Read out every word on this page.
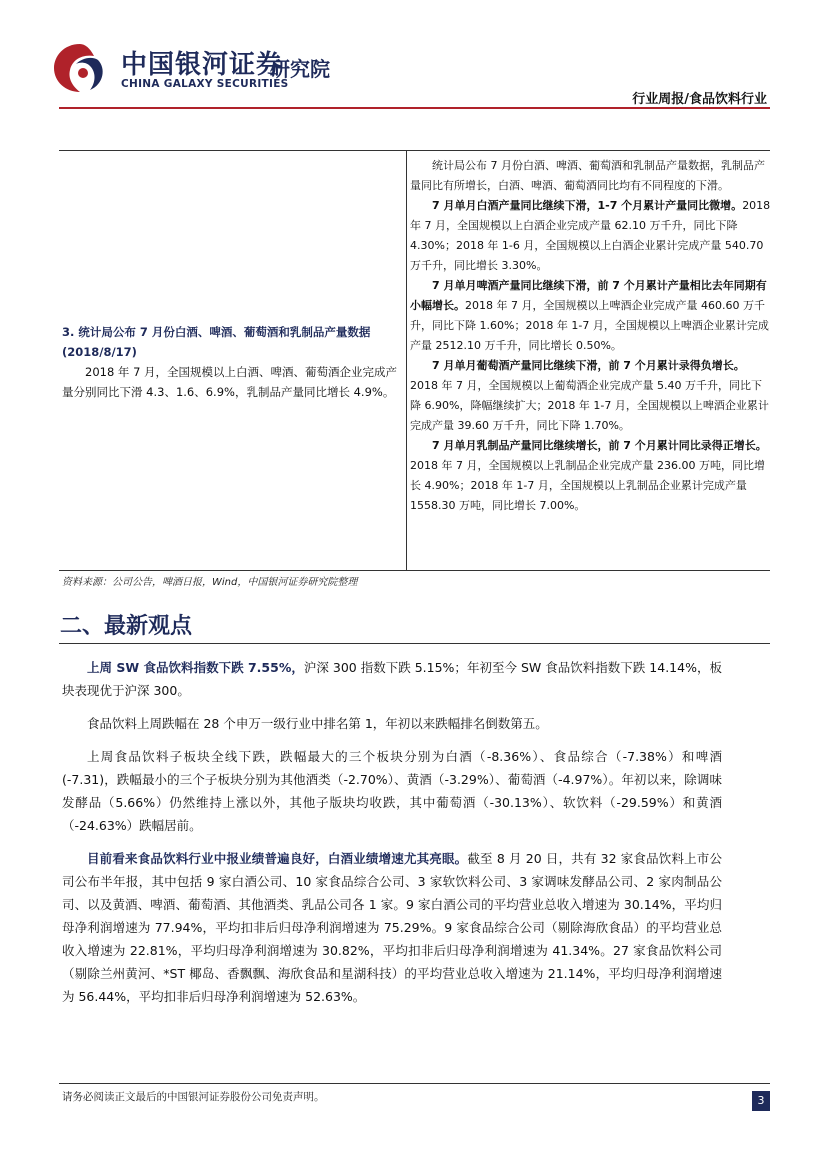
中国银河证券
CHINA GALAXY SECURITIES
研究院
行业周报/食品饮料行业
3. 统计局公布 7 月份白酒、啤酒、葡萄酒和乳制品产量数据(2018/8/17)
2018 年 7 月，全国规模以上白酒、啤酒、葡萄酒企业完成产量分别同比下滑 4.3、1.6、6.9%，乳制品产量同比增长 4.9%。

统计局公布 7 月份白酒、啤酒、葡萄酒和乳制品产量数据，乳制品产量同比有所增长，白酒、啤酒、葡萄酒同比均有不同程度的下滑。

7 月单月白酒产量同比继续下滑，1-7 个月累计产量同比微增。2018 年 7 月，全国规模以上白酒企业完成产量 62.10 万千升，同比下降 4.30%；2018 年 1-6 月，全国规模以上白酒企业累计完成产量 540.70 万千升，同比增长 3.30%。

7 月单月啤酒产量同比继续下滑，前 7 个月累计产量相比去年同期有小幅增长。2018 年 7 月，全国规模以上啤酒企业完成产量 460.60 万千升，同比下降 1.60%；2018 年 1-7 月，全国规模以上啤酒企业累计完成产量 2512.10 万千升，同比增长 0.50%。

7 月单月葡萄酒产量同比继续下滑，前 7 个月累计录得负增长。2018 年 7 月，全国规模以上葡萄酒企业完成产量 5.40 万千升，同比下降 6.90%，降幅继续扩大；2018 年 1-7 月，全国规模以上啤酒企业累计完成产量 39.60 万千升，同比下降 1.70%。

7 月单月乳制品产量同比继续增长，前 7 个月累计同比录得正增长。2018 年 7 月，全国规模以上乳制品企业完成产量 236.00 万吨，同比增长 4.90%；2018 年 1-7 月，全国规模以上乳制品企业累计完成产量 1558.30 万吨，同比增长 7.00%。

资料来源：公司公告，啤酒日报，Wind，中国银河证券研究院整理
二、最新观点

上周 SW 食品饮料指数下跌 7.55%，沪深 300 指数下跌 5.15%；年初至今 SW 食品饮料指数下跌 14.14%，板块表现优于沪深 300。

食品饮料上周跌幅在 28 个申万一级行业中排名第 1，年初以来跌幅排名倒数第五。

上周食品饮料子板块全线下跌，跌幅最大的三个板块分别为白酒（-8.36%）、食品综合（-7.38%）和啤酒(-7.31)，跌幅最小的三个子板块分别为其他酒类（-2.70%）、黄酒（-3.29%）、葡萄酒（-4.97%）。年初以来，除调味发酵品（5.66%）仍然维持上涨以外，其他子版块均收跌，其中葡萄酒（-30.13%）、软饮料（-29.59%）和黄酒（-24.63%）跌幅居前。

目前看来食品饮料行业中报业绩普遍良好，白酒业绩增速尤其亮眼。截至 8 月 20 日，共有 32 家食品饮料上市公司公布半年报，其中包括 9 家白酒公司、10 家食品综合公司、3 家软饮料公司、3 家调味发酵品公司、2 家肉制品公司、以及黄酒、啤酒、葡萄酒、其他酒类、乳品公司各 1 家。9 家白酒公司的平均营业总收入增速为 30.14%，平均归母净利润增速为 77.94%，平均扣非后归母净利润增速为 75.29%。9 家食品综合公司（剔除海欣食品）的平均营业总收入增速为 22.81%，平均归母净利润增速为 30.82%，平均扣非后归母净利润增速为 41.34%。27 家食品饮料公司（剔除兰州黄河、*ST 椰岛、香飘飘、海欣食品和星湖科技）的平均营业总收入增速为 21.14%，平均归母净利润增速为 56.44%，平均扣非后归母净利润增速为 52.63%。

请务必阅读正文最后的中国银河证券股份公司免责声明。	3
